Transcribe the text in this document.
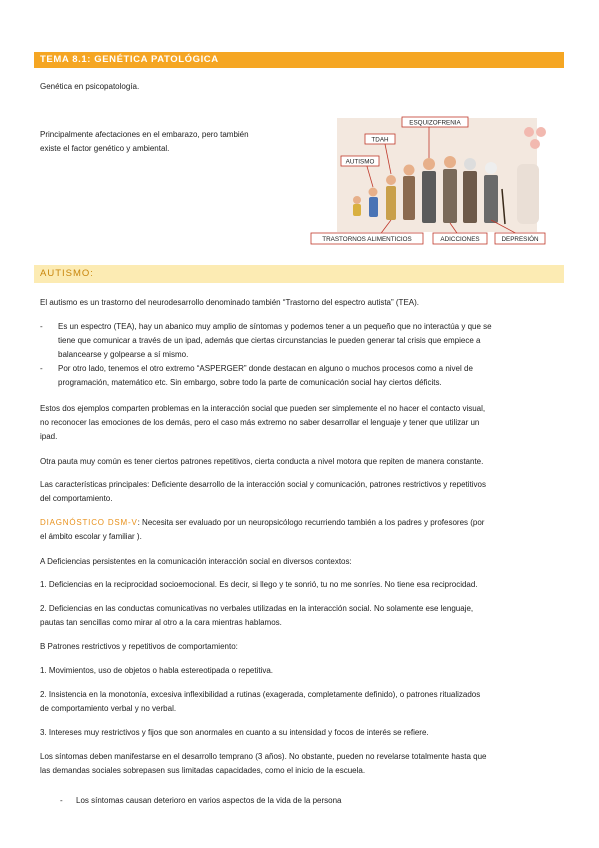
TEMA 8.1: GENÉTICA PATOLÓGICA
Genética en psicopatología.
Principalmente afectaciones en el embarazo, pero también
existe el factor genético y ambiental.
ESQUIZOFRENIA
TDAH
AUTISMO
TRASTORNOS ALIMENTICIOS	ADICCIONES	DEPRESIÓN
AUTISMO:
El autismo es un trastorno del neurodesarrollo denominado también “Trastorno del espectro autista” (TEA).
- Es un espectro (TEA), hay un abanico muy amplio de síntomas y podemos tener a un pequeño que no interactúa y que se
tiene que comunicar a través de un ipad, además que ciertas circunstancias le pueden generar tal crisis que empiece a
balancearse y golpearse a sí mismo.
- Por otro lado, tenemos el otro extremo “ASPERGER” donde destacan en alguno o muchos procesos como a nivel de
programación, matemático etc. Sin embargo, sobre todo la parte de comunicación social hay ciertos déficits.
Estos dos ejemplos comparten problemas en la interacción social que pueden ser simplemente el no hacer el contacto visual,
no reconocer las emociones de los demás, pero el caso más extremo no saber desarrollar el lenguaje y tener que utilizar un
ipad.
Otra pauta muy común es tener ciertos patrones repetitivos, cierta conducta a nivel motora que repiten de manera constante.
Las características principales: Deficiente desarrollo de la interacción social y comunicación, patrones restrictivos y repetitivos
del comportamiento.
DIAGNÓSTICO DSM-V: Necesita ser evaluado por un neuropsicólogo recurriendo también a los padres y profesores (por
el ámbito escolar y familiar ).
A Deficiencias persistentes en la comunicación interacción social en diversos contextos:
1. Deficiencias en la reciprocidad socioemocional. Es decir, si llego y te sonrió, tu no me sonríes. No tiene esa reciprocidad.
2. Deficiencias en las conductas comunicativas no verbales utilizadas en la interacción social. No solamente ese lenguaje,
pautas tan sencillas como mirar al otro a la cara mientras hablamos.
B Patrones restrictivos y repetitivos de comportamiento:
1. Movimientos, uso de objetos o habla estereotipada o repetitiva.
2. Insistencia en la monotonía, excesiva inflexibilidad a rutinas (exagerada, completamente definido), o patrones ritualizados
de comportamiento verbal y no verbal.
3. Intereses muy restrictivos y fijos que son anormales en cuanto a su intensidad y focos de interés se refiere.
Los síntomas deben manifestarse en el desarrollo temprano (3 años). No obstante, pueden no revelarse totalmente hasta que
las demandas sociales sobrepasen sus limitadas capacidades, como el inicio de la escuela.
- Los síntomas causan deterioro en varios aspectos de la vida de la persona
